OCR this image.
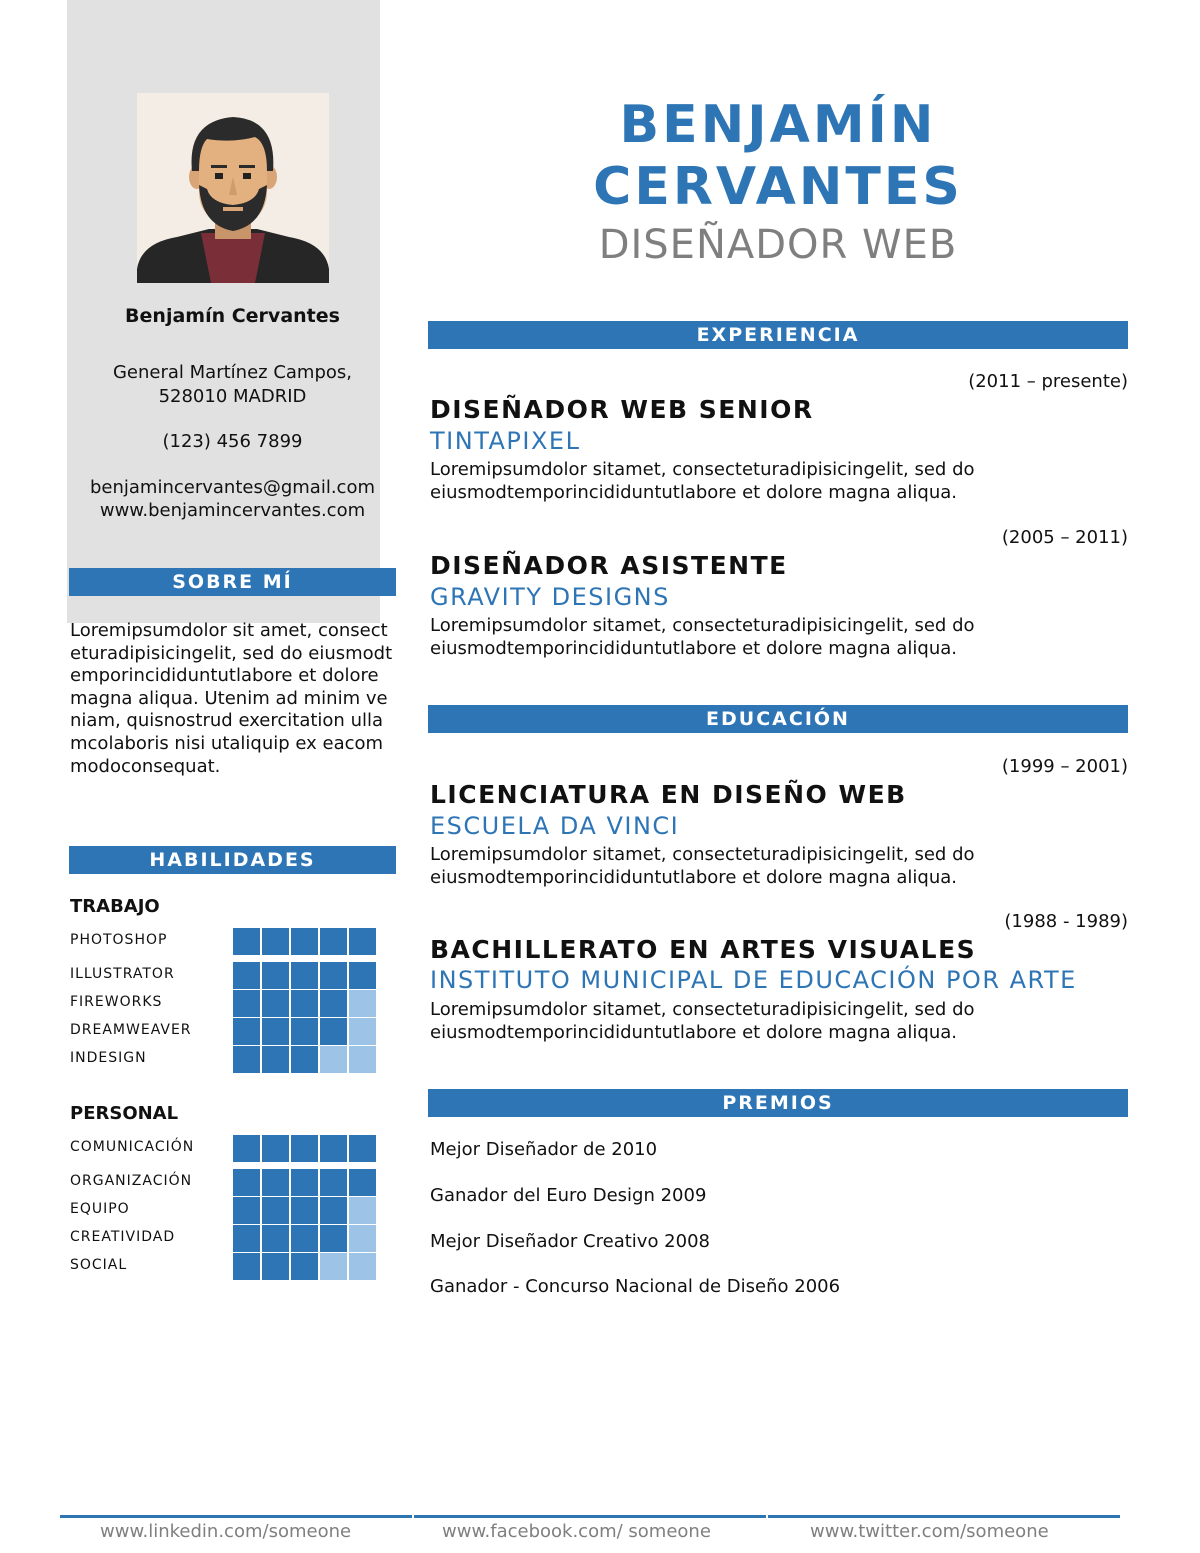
Benjamín Cervantes
General Martínez Campos,
528010 MADRID
(123) 456 7899
benjamincervantes@gmail.com
www.benjamincervantes.com
SOBRE MÍ
Loremipsumdolor sit amet, consecteturadipisicingelit, sed do eiusmodtemporincididuntutlabore et dolore magna aliqua. Utenim ad minim veniam, quisnostrud exercitation ullamcolaboris nisi utaliquip ex eacommodoconsequat.
HABILIDADES
TRABAJO
PHOTOSHOP
ILLUSTRATOR
FIREWORKS
DREAMWEAVER
INDESIGN
PERSONAL
COMUNICACIÓN
ORGANIZACIÓN
EQUIPO
CREATIVIDAD
SOCIAL
BENJAMÍN
CERVANTES
DISEÑADOR WEB
EXPERIENCIA
(2011 – presente)
DISEÑADOR WEB SENIOR
TINTAPIXEL
Loremipsumdolor sitamet, consecteturadipisicingelit, sed do eiusmodtemporincididuntutlabore et dolore magna aliqua.
(2005 – 2011)
DISEÑADOR ASISTENTE
GRAVITY DESIGNS
Loremipsumdolor sitamet, consecteturadipisicingelit, sed do eiusmodtemporincididuntutlabore et dolore magna aliqua.
EDUCACIÓN
(1999 – 2001)
LICENCIATURA EN DISEÑO WEB
ESCUELA DA VINCI
Loremipsumdolor sitamet, consecteturadipisicingelit, sed do eiusmodtemporincididuntutlabore et dolore magna aliqua.
(1988 - 1989)
BACHILLERATO EN ARTES VISUALES
INSTITUTO MUNICIPAL DE EDUCACIÓN POR ARTE
Loremipsumdolor sitamet, consecteturadipisicingelit, sed do eiusmodtemporincididuntutlabore et dolore magna aliqua.
PREMIOS
Mejor Diseñador de 2010
Ganador del Euro Design 2009
Mejor Diseñador Creativo 2008
Ganador - Concurso Nacional de Diseño 2006
www.linkedin.com/someone	www.facebook.com/ someone	www.twitter.com/someone
